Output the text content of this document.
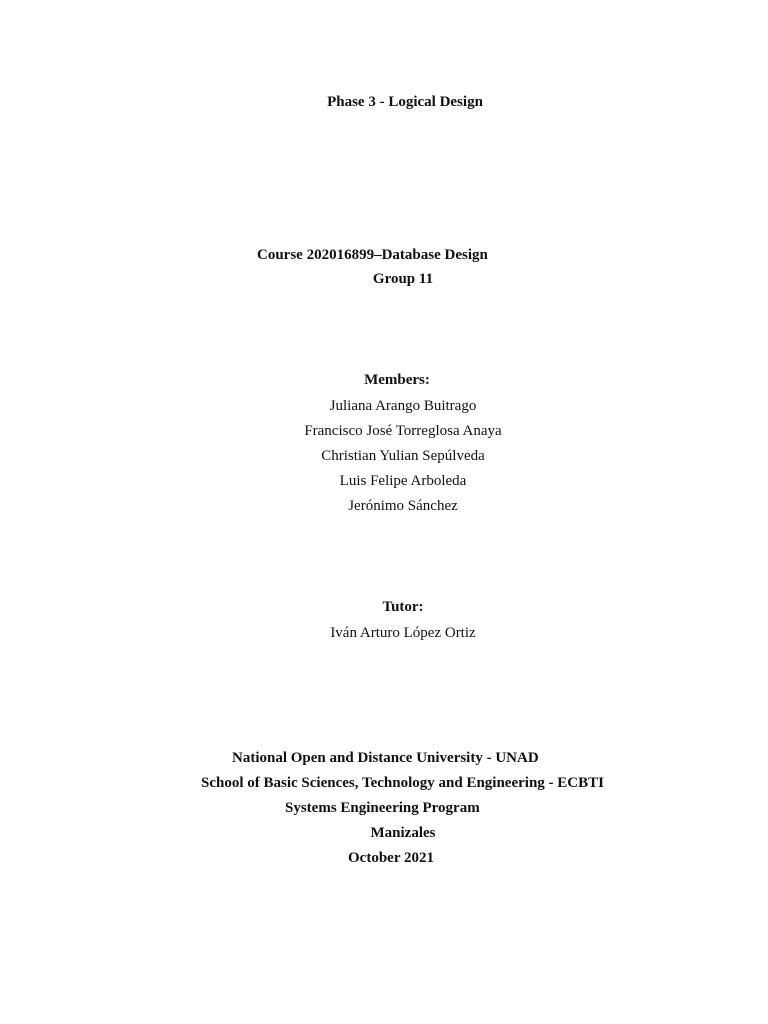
Phase 3 - Logical Design

Course 202016899–Database Design

Group 11

Members:

Juliana Arango Buitrago

Francisco José Torreglosa Anaya

Christian Yulian Sepúlveda

Luis Felipe Arboleda

Jerónimo Sánchez

Tutor:

Iván Arturo López Ortiz

National Open and Distance University - UNAD

School of Basic Sciences, Technology and Engineering - ECBTI

Systems Engineering Program

Manizales

October 2021
